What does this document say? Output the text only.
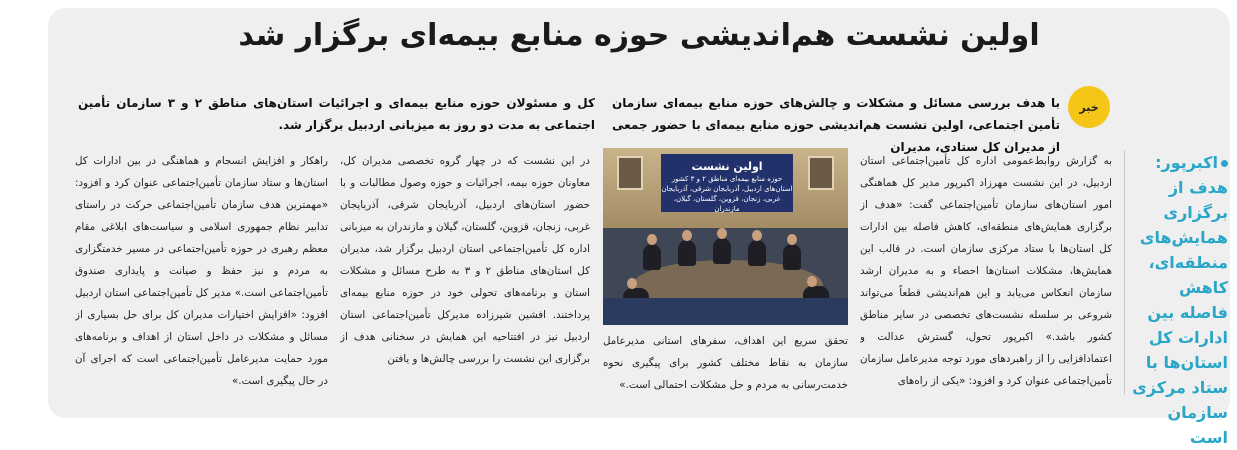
اولین نشست هم‌اندیشی حوزه منابع بیمه‌ای برگزار شد
خبر

با هدف بررسی مسائل و مشکلات و چالش‌های حوزه منابع بیمه‌ای سازمان تأمین اجتماعی، اولین نشست هم‌اندیشی حوزه منابع بیمه‌ای با حضور جمعی از مدیران کل ستادی، مدیران

کل و مسئولان حوزه منابع بیمه‌ای و اجرائیات استان‌های مناطق ۲ و ۳ سازمان تأمین اجتماعی به مدت دو روز به میزبانی اردبیل برگزار شد.

اکبرپور: هدف از برگزاری همایش‌های منطقه‌ای، کاهش فاصله بین ادارات کل استان‌ها با ستاد مرکزی سازمان است

به گزارش روابط‌عمومی اداره کل تأمین‌اجتماعی استان اردبیل، در این نشست مهرزاد اکبرپور مدیر کل هماهنگی امور استان‌های سازمان تأمین‌اجتماعی گفت: «هدف از برگزاری همایش‌های منطقه‌ای، کاهش فاصله بین ادارات کل استان‌ها با ستاد مرکزی سازمان است. در قالب این همایش‌ها، مشکلات استان‌ها احصاء و به مدیران ارشد سازمان انعکاس می‌یابد و این هم‌اندیشی قطعاً می‌تواند شروعی بر سلسله نشست‌های تخصصی در سایر مناطق کشور باشد.» اکبرپور تحول، گسترش عدالت و اعتمادافزایی را از راهبردهای مورد توجه مدیرعامل سازمان تأمین‌اجتماعی عنوان کرد و افزود: «یکی از راه‌های

اولین نشست
حوزه منابع بیمه‌ای مناطق ۲ و ۳ کشور
استان‌های اردبیل، آذربایجان شرقی، آذربایجان غربی، زنجان، قزوین، گلستان، گیلان، مازندران

تحقق سریع این اهداف، سفرهای استانی مدیرعامل سازمان به نقاط مختلف کشور برای پیگیری نحوه خدمت‌رسانی به مردم و حل مشکلات احتمالی است.»

در این نشست که در چهار گروه تخصصی مدیران کل، معاونان حوزه بیمه، اجرائیات و حوزه وصول مطالبات و با حضور استان‌های اردبیل، آذربایجان شرقی، آذربایجان غربی، زنجان، قزوین، گلستان، گیلان و مازندران به میزبانی اداره کل تأمین‌اجتماعی استان اردبیل برگزار شد، مدیران کل استان‌های مناطق ۲ و ۳ به طرح مسائل و مشکلات استان و برنامه‌های تحولی خود در حوزه منابع بیمه‌ای پرداختند. افشین شیرزاده مدیرکل تأمین‌اجتماعی استان اردبیل نیز در افتتاحیه این همایش در سخنانی هدف از برگزاری این نشست را بررسی چالش‌ها و یافتن

راهکار و افزایش انسجام و هماهنگی در بین ادارات کل استان‌ها و ستاد سازمان تأمین‌اجتماعی عنوان کرد و افزود: «مهمترین هدف سازمان تأمین‌اجتماعی حرکت در راستای تدابیر نظام جمهوری اسلامی و سیاست‌های ابلاغی مقام معظم رهبری در حوزه تأمین‌اجتماعی در مسیر خدمتگزاری به مردم و نیز حفظ و صیانت و پایداری صندوق تأمین‌اجتماعی است.» مدیر کل تأمین‌اجتماعی استان اردبیل افزود: «افزایش اختیارات مدیران کل برای حل بسیاری از مسائل و مشکلات در داخل استان از اهداف و برنامه‌های مورد حمایت مدیرعامل تأمین‌اجتماعی است که اجرای آن در حال پیگیری است.»
